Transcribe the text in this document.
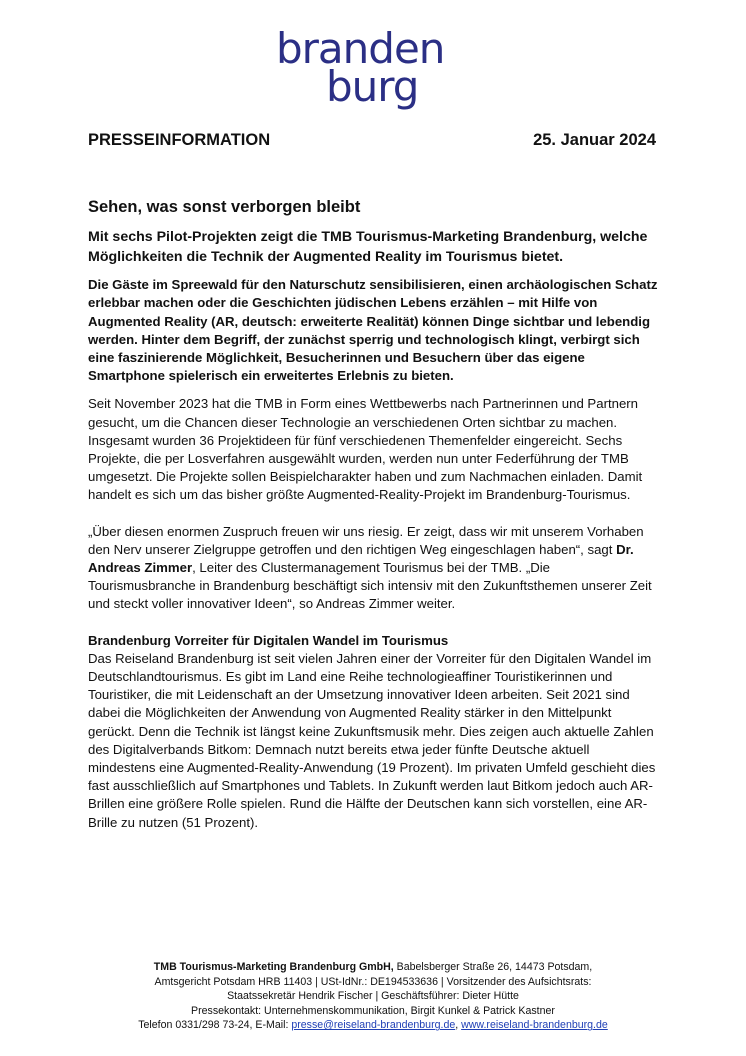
branden
burg
PRESSEINFORMATION	25. Januar 2024
Sehen, was sonst verborgen bleibt
Mit sechs Pilot-Projekten zeigt die TMB Tourismus-Marketing Brandenburg, welche Möglichkeiten die Technik der Augmented Reality im Tourismus bietet.
Die Gäste im Spreewald für den Naturschutz sensibilisieren, einen archäologischen Schatz erlebbar machen oder die Geschichten jüdischen Lebens erzählen – mit Hilfe von Augmented Reality (AR, deutsch: erweiterte Realität) können Dinge sichtbar und lebendig werden. Hinter dem Begriff, der zunächst sperrig und technologisch klingt, verbirgt sich eine faszinierende Möglichkeit, Besucherinnen und Besuchern über das eigene Smartphone spielerisch ein erweitertes Erlebnis zu bieten.

Seit November 2023 hat die TMB in Form eines Wettbewerbs nach Partnerinnen und Partnern gesucht, um die Chancen dieser Technologie an verschiedenen Orten sichtbar zu machen. Insgesamt wurden 36 Projektideen für fünf verschiedenen Themenfelder eingereicht. Sechs Projekte, die per Losverfahren ausgewählt wurden, werden nun unter Federführung der TMB umgesetzt. Die Projekte sollen Beispielcharakter haben und zum Nachmachen einladen. Damit handelt es sich um das bisher größte Augmented-Reality-Projekt im Brandenburg-Tourismus.

„Über diesen enormen Zuspruch freuen wir uns riesig. Er zeigt, dass wir mit unserem Vorhaben den Nerv unserer Zielgruppe getroffen und den richtigen Weg eingeschlagen haben“, sagt Dr. Andreas Zimmer, Leiter des Clustermanagement Tourismus bei der TMB. „Die Tourismusbranche in Brandenburg beschäftigt sich intensiv mit den Zukunftsthemen unserer Zeit und steckt voller innovativer Ideen“, so Andreas Zimmer weiter.

Brandenburg Vorreiter für Digitalen Wandel im Tourismus

Das Reiseland Brandenburg ist seit vielen Jahren einer der Vorreiter für den Digitalen Wandel im Deutschlandtourismus. Es gibt im Land eine Reihe technologieaffiner Touristikerinnen und Touristiker, die mit Leidenschaft an der Umsetzung innovativer Ideen arbeiten. Seit 2021 sind dabei die Möglichkeiten der Anwendung von Augmented Reality stärker in den Mittelpunkt gerückt. Denn die Technik ist längst keine Zukunftsmusik mehr. Dies zeigen auch aktuelle Zahlen des Digitalverbands Bitkom: Demnach nutzt bereits etwa jeder fünfte Deutsche aktuell mindestens eine Augmented-Reality-Anwendung (19 Prozent). Im privaten Umfeld geschieht dies fast ausschließlich auf Smartphones und Tablets. In Zukunft werden laut Bitkom jedoch auch AR-Brillen eine größere Rolle spielen. Rund die Hälfte der Deutschen kann sich vorstellen, eine AR-Brille zu nutzen (51 Prozent).

TMB Tourismus-Marketing Brandenburg GmbH, Babelsberger Straße 26, 14473 Potsdam,
Amtsgericht Potsdam HRB 11403 | USt-IdNr.: DE194533636 | Vorsitzender des Aufsichtsrats:
Staatssekretär Hendrik Fischer | Geschäftsführer: Dieter Hütte
Pressekontakt: Unternehmenskommunikation, Birgit Kunkel & Patrick Kastner
Telefon 0331/298 73-24, E-Mail: presse@reiseland-brandenburg.de, www.reiseland-brandenburg.de
